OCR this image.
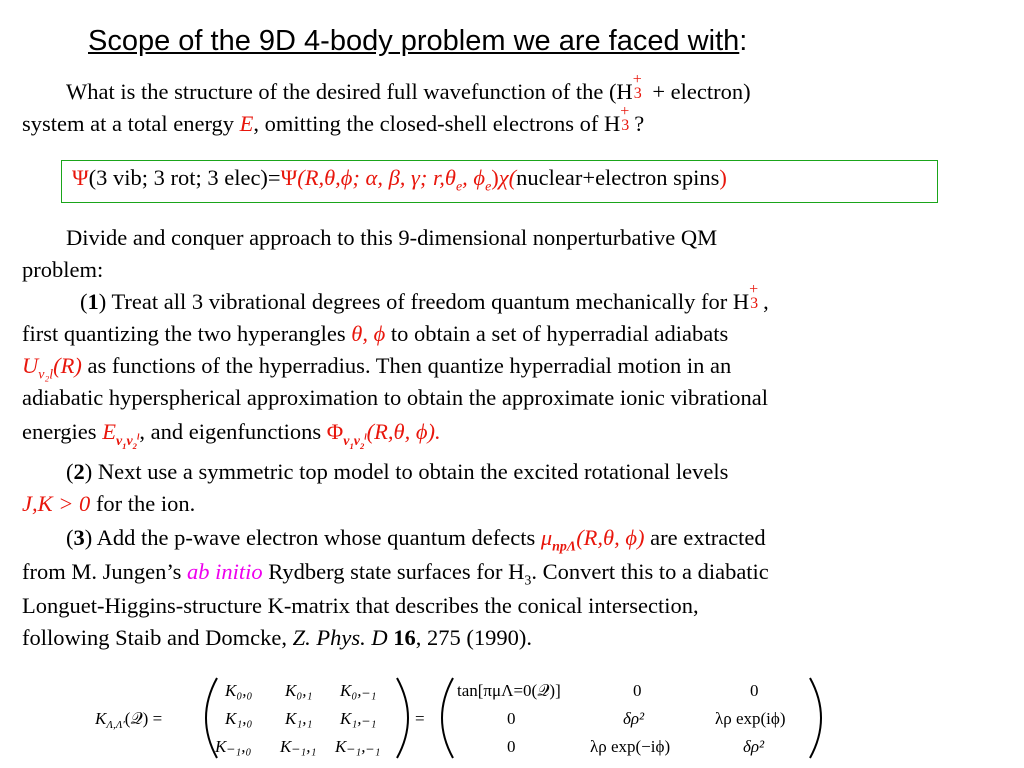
Scope of the 9D 4-body problem we are faced with:
What is the structure of the desired full wavefunction of the (H +
3 + electron)
system at a total energy E, omitting the closed-shell electrons of H +
3 ?
Ψ(3 vib; 3 rot; 3 elec)=Ψ(R,θ,ϕ; α, β, γ; $r,\theta_e$, $\phi_e)\chi(nuclear+electron$ spins)
Divide and conquer approach to this 9-dimensional nonperturbative QM
problem:
(1) Treat all 3 vibrational degrees of freedom quantum mechanically for H +
3 ,
first quantizing the two hyperangles θ, ϕ to obtain a set of hyperradial adiabats
$U_{v_2l}(R)$ as functions of the hyperradius. Then quantize hyperradial motion in an
adiabatic hyperspherical approximation to obtain the approximate ionic vibrational
energies $E_{v_1v_2^l}$, and eigenfunctions $\Phi_{v_1v_2^l}(R,\theta$, ϕ).
(2) Next use a symmetric top model to obtain the excited rotational levels
J,K > 0 for the ion.
(3) Add the p-wave electron whose quantum defects $\mu_{np\Lambda}(R,\theta$, ϕ) are extracted
from M. Jungen’s ab initio Rydberg state surfaces for $H_3$. Convert this to a diabatic
Longuet-Higgins-structure K-matrix that describes the conical intersection,
following Staib and Domcke, Z. Phys. D 16, 275 (1990).
$K_{\Lambda,\Lambda'}(𝒬)$ =
K₀,₀ K₀,₁ K₀,₋₁
K₁,₀ K₁,₁ K₁,₋₁
K₋₁,₀ K₋₁,₁ K₋₁,₋₁
=
tan[πμΛ=0(𝒬)]	0	0
0	δρ²	λρ exp(iϕ)
0	λρ exp(−iϕ)	δρ²
